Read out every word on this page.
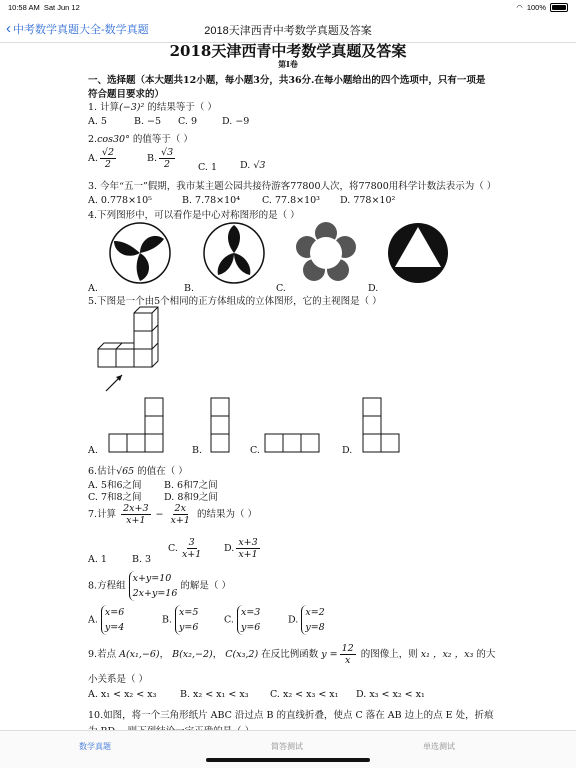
10:58 AM Sat Jun 12	◠ 100%
‹ 中考数学真题大全-数学真题	2018天津西青中考数学真题及答案
2018天津西青中考数学真题及答案
第Ⅰ卷
一、选择题（本大题共12小题，每小题3分，共36分.在每小题给出的四个选项中，只有一项是
符合题目要求的）
1. 计算(−3)² 的结果等于（ ）
A. 5	B. −5 C. 9	D. −9
2.cos30° 的值等于（ ）
A. $\frac{√2}{2}$	B. $\frac{√3}{2} C$. 1 D. √3
3. 今年“五一”假期，我市某主题公园共接待游客77800人次，将77800用科学计数法表示为（ ）
A. 0.778×10⁵	B. 7.78×10⁴ C. 77.8×10³ D. 778×10²
4.下列图形中，可以看作是中心对称图形的是（ ）
A.	B.	C.	D.
5.下图是一个由5个相同的正方体组成的立体图形，它的主视图是（ ）
A.	B.	C.	D.
6.估计√65 的值在（ ）
A. 5和6之间 B. 6和7之间
C. 7和8之间 D. 8和9之间
7.计算 $\frac{2x+3}{x+1} - \frac{2x}{x+1}$ 的结果为（ ）
A. 1	B. 3
C. $\frac{3}{x+1} D$. $\frac{x+3}{x+1}$
8.方程组 x+y=10
2x+y=16 的解是（ ）
A. x=6
y=4
B. x=5
y=6
C. x=3
y=6
D. x=2
y=8
9.若点 A(x₁,−6)， B(x₂,−2)， C(x₃,2) 在反比例函数 $y = \frac{12}{x}$ 的图像上，则 x₁ ，x₂ ，x₃ 的大
小关系是（ ）
A. x₁ < x₂ < x₃ B. x₂ < x₁ < x₃ C. x₂ < x₃ < x₁ D. x₃ < x₂ < x₁
10.如图，将一个三角形纸片 ABC 沿过点 B 的直线折叠，使点 C 落在 AB 边上的点 E 处，折痕
数学真题	简答测试	单选测试
